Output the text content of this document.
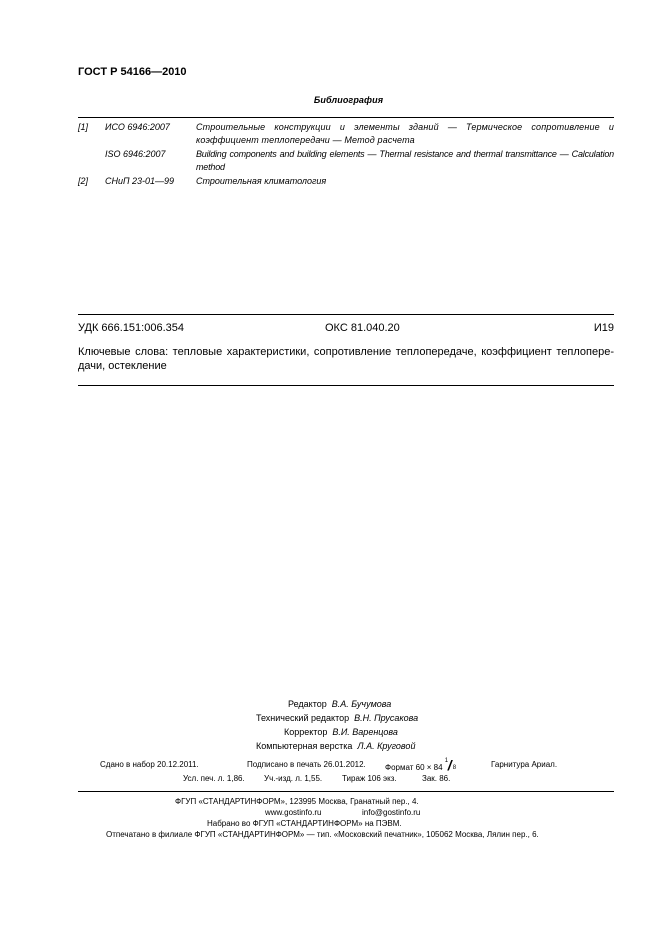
ГОСТ Р 54166—2010
Библиография
[1] ИСО 6946:2007	Строительные конструкции и элементы зданий — Термическое сопротивление и коэффициент теплопередачи — Метод расчета
ISO 6946:2007	Building components and building elements — Thermal resistance and thermal transmittance — Calculation method
[2] СНиП 23-01—99 Строительная климатология
УДК 666.151:006.354	ОКС 81.040.20	И19
Ключевые слова: тепловые характеристики, сопротивление теплопередаче, коэффициент теплопере-дачи, остекление
Редактор В.А. Бучумова
Технический редактор В.Н. Прусакова
Корректор В.И. Варенцова
Компьютерная верстка Л.А. Круговой
Сдано в набор 20.12.2011.	Подписано в печать 26.01.2012. Формат 60 × 84
1 / 8	Гарнитура Ариал.
Усл. печ. л. 1,86. Уч.-изд. л. 1,55. Тираж 106 экз.	Зак. 86.
ФГУП «СТАНДАРТИНФОРМ», 123995 Москва, Гранатный пер., 4.
www.gostinfo.ru	info@gostinfo.ru
Набрано во ФГУП «СТАНДАРТИНФОРМ» на ПЭВМ.
Отпечатано в филиале ФГУП «СТАНДАРТИНФОРМ» — тип. «Московский печатник», 105062 Москва, Лялин пер., 6.
